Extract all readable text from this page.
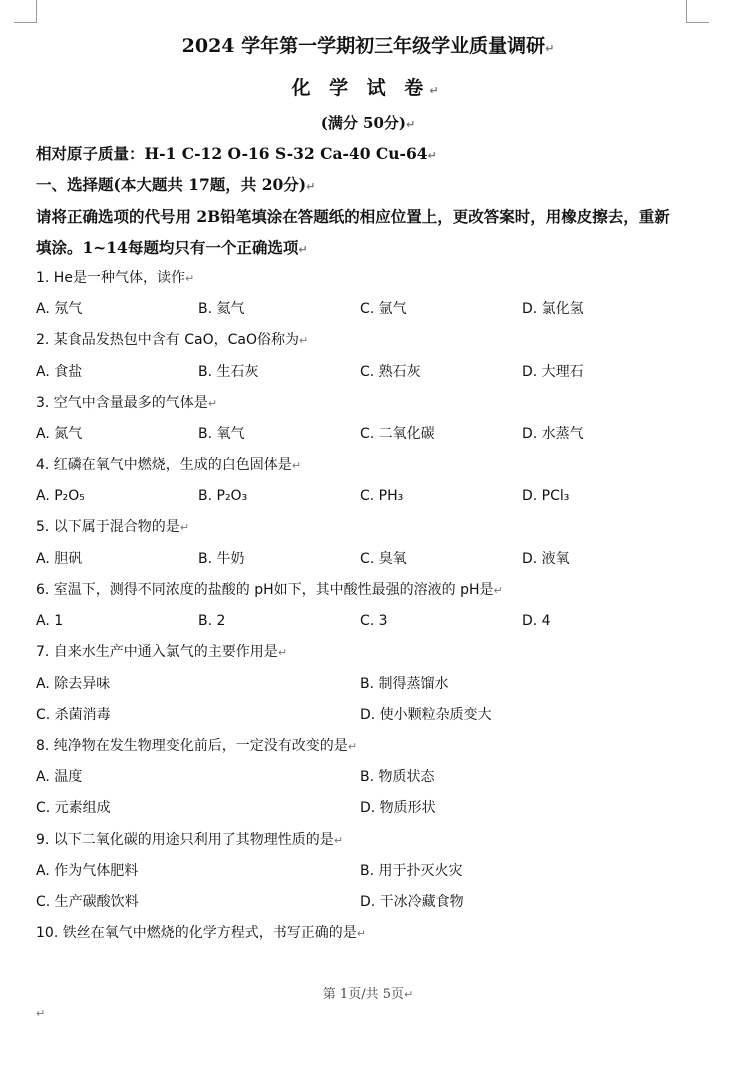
2024 学年第一学期初三年级学业质量调研↵
化 学 试 卷↵
(满分 50分)↵
相对原子质量：H-1 C-12 O-16 S-32 Ca-40 Cu-64↵
一、选择题(本大题共 17题，共 20分)↵
请将正确选项的代号用 2B铅笔填涂在答题纸的相应位置上，更改答案时，用橡皮擦去，重新
填涂。1~14每题均只有一个正确选项↵
1. He是一种气体，读作↵
A. 氖气	B. 氦气	C. 氩气	D. 氯化氢
2. 某食品发热包中含有 CaO，CaO俗称为↵
A. 食盐	B. 生石灰	C. 熟石灰	D. 大理石
3. 空气中含量最多的气体是↵
A. 氮气	B. 氧气	C. 二氧化碳	D. 水蒸气
4. 红磷在氧气中燃烧，生成的白色固体是↵
A. P₂O₅	B. P₂O₃	C. PH₃	D. PCl₃
5. 以下属于混合物的是↵
A. 胆矾	B. 牛奶	C. 臭氧	D. 液氧
6. 室温下，测得不同浓度的盐酸的 pH如下，其中酸性最强的溶液的 pH是↵
A. 1	B. 2	C. 3	D. 4
7. 自来水生产中通入氯气的主要作用是↵
A. 除去异味	B. 制得蒸馏水
C. 杀菌消毒	D. 使小颗粒杂质变大
8. 纯净物在发生物理变化前后，一定没有改变的是↵
A. 温度	B. 物质状态
C. 元素组成	D. 物质形状
9. 以下二氧化碳的用途只利用了其物理性质的是↵
A. 作为气体肥料	B. 用于扑灭火灾
C. 生产碳酸饮料	D. 干冰冷藏食物
10. 铁丝在氧气中燃烧的化学方程式，书写正确的是↵
第 1页/共 5页↵
↵
